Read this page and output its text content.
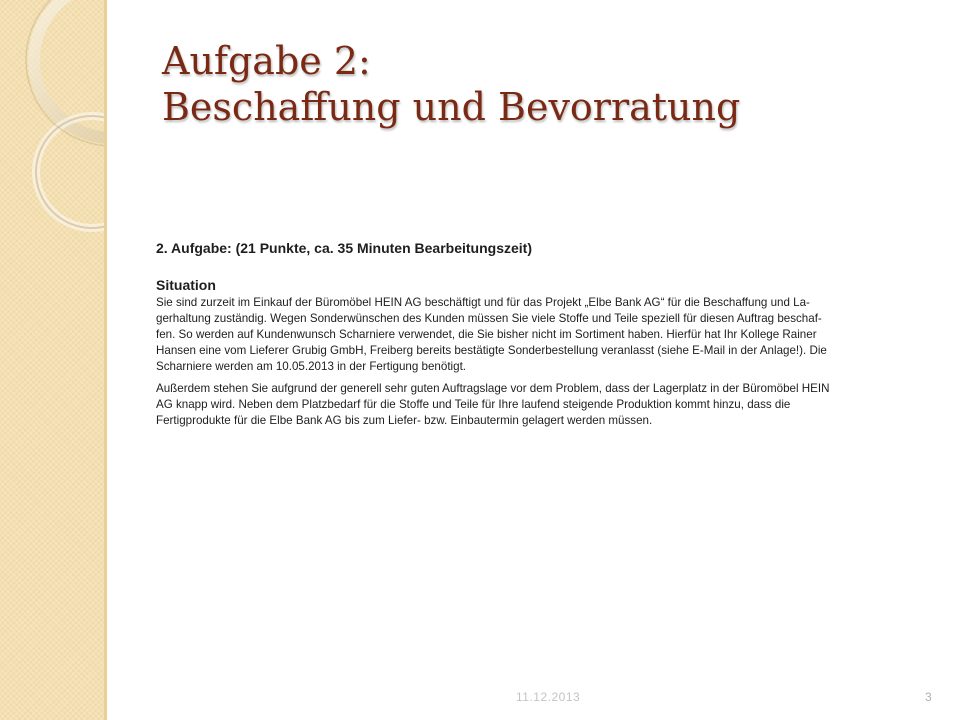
Aufgabe 2:
Beschaffung und Bevorratung
2. Aufgabe: (21 Punkte, ca. 35 Minuten Bearbeitungszeit)
Situation
Sie sind zurzeit im Einkauf der Büromöbel HEIN AG beschäftigt und für das Projekt „Elbe Bank AG“ für die Beschaffung und La-
gerhaltung zuständig. Wegen Sonderwünschen des Kunden müssen Sie viele Stoffe und Teile speziell für diesen Auftrag beschaf-
fen. So werden auf Kundenwunsch Scharniere verwendet, die Sie bisher nicht im Sortiment haben. Hierfür hat Ihr Kollege Rainer
Hansen eine vom Lieferer Grubig GmbH, Freiberg bereits bestätigte Sonderbestellung veranlasst (siehe E-Mail in der Anlage!). Die
Scharniere werden am 10.05.2013 in der Fertigung benötigt.
Außerdem stehen Sie aufgrund der generell sehr guten Auftragslage vor dem Problem, dass der Lagerplatz in der Büromöbel HEIN
AG knapp wird. Neben dem Platzbedarf für die Stoffe und Teile für Ihre laufend steigende Produktion kommt hinzu, dass die
Fertigprodukte für die Elbe Bank AG bis zum Liefer- bzw. Einbautermin gelagert werden müssen.
11.12.2013	3
